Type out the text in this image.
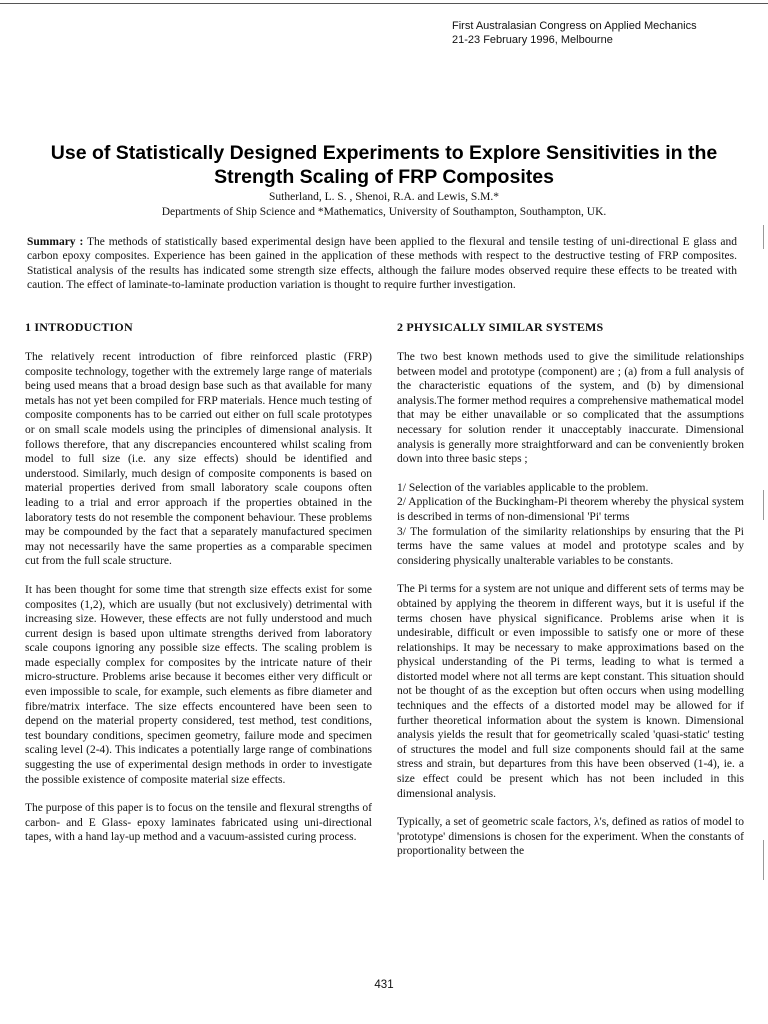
First Australasian Congress on Applied Mechanics
21-23 February 1996, Melbourne
Use of Statistically Designed Experiments to Explore Sensitivities in the Strength Scaling of FRP Composites
Sutherland, L. S. , Shenoi, R.A. and Lewis, S.M.*
Departments of Ship Science and *Mathematics, University of Southampton, Southampton, UK.

Summary : The methods of statistically based experimental design have been applied to the flexural and tensile testing of uni-directional E glass and carbon epoxy composites. Experience has been gained in the application of these methods with respect to the destructive testing of FRP composites. Statistical analysis of the results has indicated some strength size effects, although the failure modes observed require these effects to be treated with caution. The effect of laminate-to-laminate production variation is thought to require further investigation.

1 INTRODUCTION

The relatively recent introduction of fibre reinforced plastic (FRP) composite technology, together with the extremely large range of materials being used means that a broad design base such as that available for many metals has not yet been compiled for FRP materials. Hence much testing of composite components has to be carried out either on full scale prototypes or on small scale models using the principles of dimensional analysis. It follows therefore, that any discrepancies encountered whilst scaling from model to full size (i.e. any size effects) should be identified and understood. Similarly, much design of composite components is based on material properties derived from small laboratory scale coupons often leading to a trial and error approach if the properties obtained in the laboratory tests do not resemble the component behaviour. These problems may be compounded by the fact that a separately manufactured specimen may not necessarily have the same properties as a comparable specimen cut from the full scale structure.

It has been thought for some time that strength size effects exist for some composites (1,2), which are usually (but not exclusively) detrimental with increasing size. However, these effects are not fully understood and much current design is based upon ultimate strengths derived from laboratory scale coupons ignoring any possible size effects. The scaling problem is made especially complex for composites by the intricate nature of their micro-structure. Problems arise because it becomes either very difficult or even impossible to scale, for example, such elements as fibre diameter and fibre/matrix interface. The size effects encountered have been seen to depend on the material property considered, test method, test conditions, test boundary conditions, specimen geometry, failure mode and specimen scaling level (2-4). This indicates a potentially large range of combinations suggesting the use of experimental design methods in order to investigate the possible existence of composite material size effects.

The purpose of this paper is to focus on the tensile and flexural strengths of carbon- and E Glass- epoxy laminates fabricated using uni-directional tapes, with a hand lay-up method and a vacuum-assisted curing process.

2 PHYSICALLY SIMILAR SYSTEMS

The two best known methods used to give the similitude relationships between model and prototype (component) are ; (a) from a full analysis of the characteristic equations of the system, and (b) by dimensional analysis.The former method requires a comprehensive mathematical model that may be either unavailable or so complicated that the assumptions necessary for solution render it unacceptably inaccurate. Dimensional analysis is generally more straightforward and can be conveniently broken down into three basic steps ;

1/ Selection of the variables applicable to the problem.

2/ Application of the Buckingham-Pi theorem whereby the physical system is described in terms of non-dimensional 'Pi' terms

3/ The formulation of the similarity relationships by ensuring that the Pi terms have the same values at model and prototype scales and by considering physically unalterable variables to be constants.

The Pi terms for a system are not unique and different sets of terms may be obtained by applying the theorem in different ways, but it is useful if the terms chosen have physical significance. Problems arise when it is undesirable, difficult or even impossible to satisfy one or more of these relationships. It may be necessary to make approximations based on the physical understanding of the Pi terms, leading to what is termed a distorted model where not all terms are kept constant. This situation should not be thought of as the exception but often occurs when using modelling techniques and the effects of a distorted model may be allowed for if further theoretical information about the system is known. Dimensional analysis yields the result that for geometrically scaled 'quasi-static' testing of structures the model and full size components should fail at the same stress and strain, but departures from this have been observed (1-4), ie. a size effect could be present which has not been included in this dimensional analysis.

Typically, a set of geometric scale factors, λ's, defined as ratios of model to 'prototype' dimensions is chosen for the experiment. When the constants of proportionality between the

431
